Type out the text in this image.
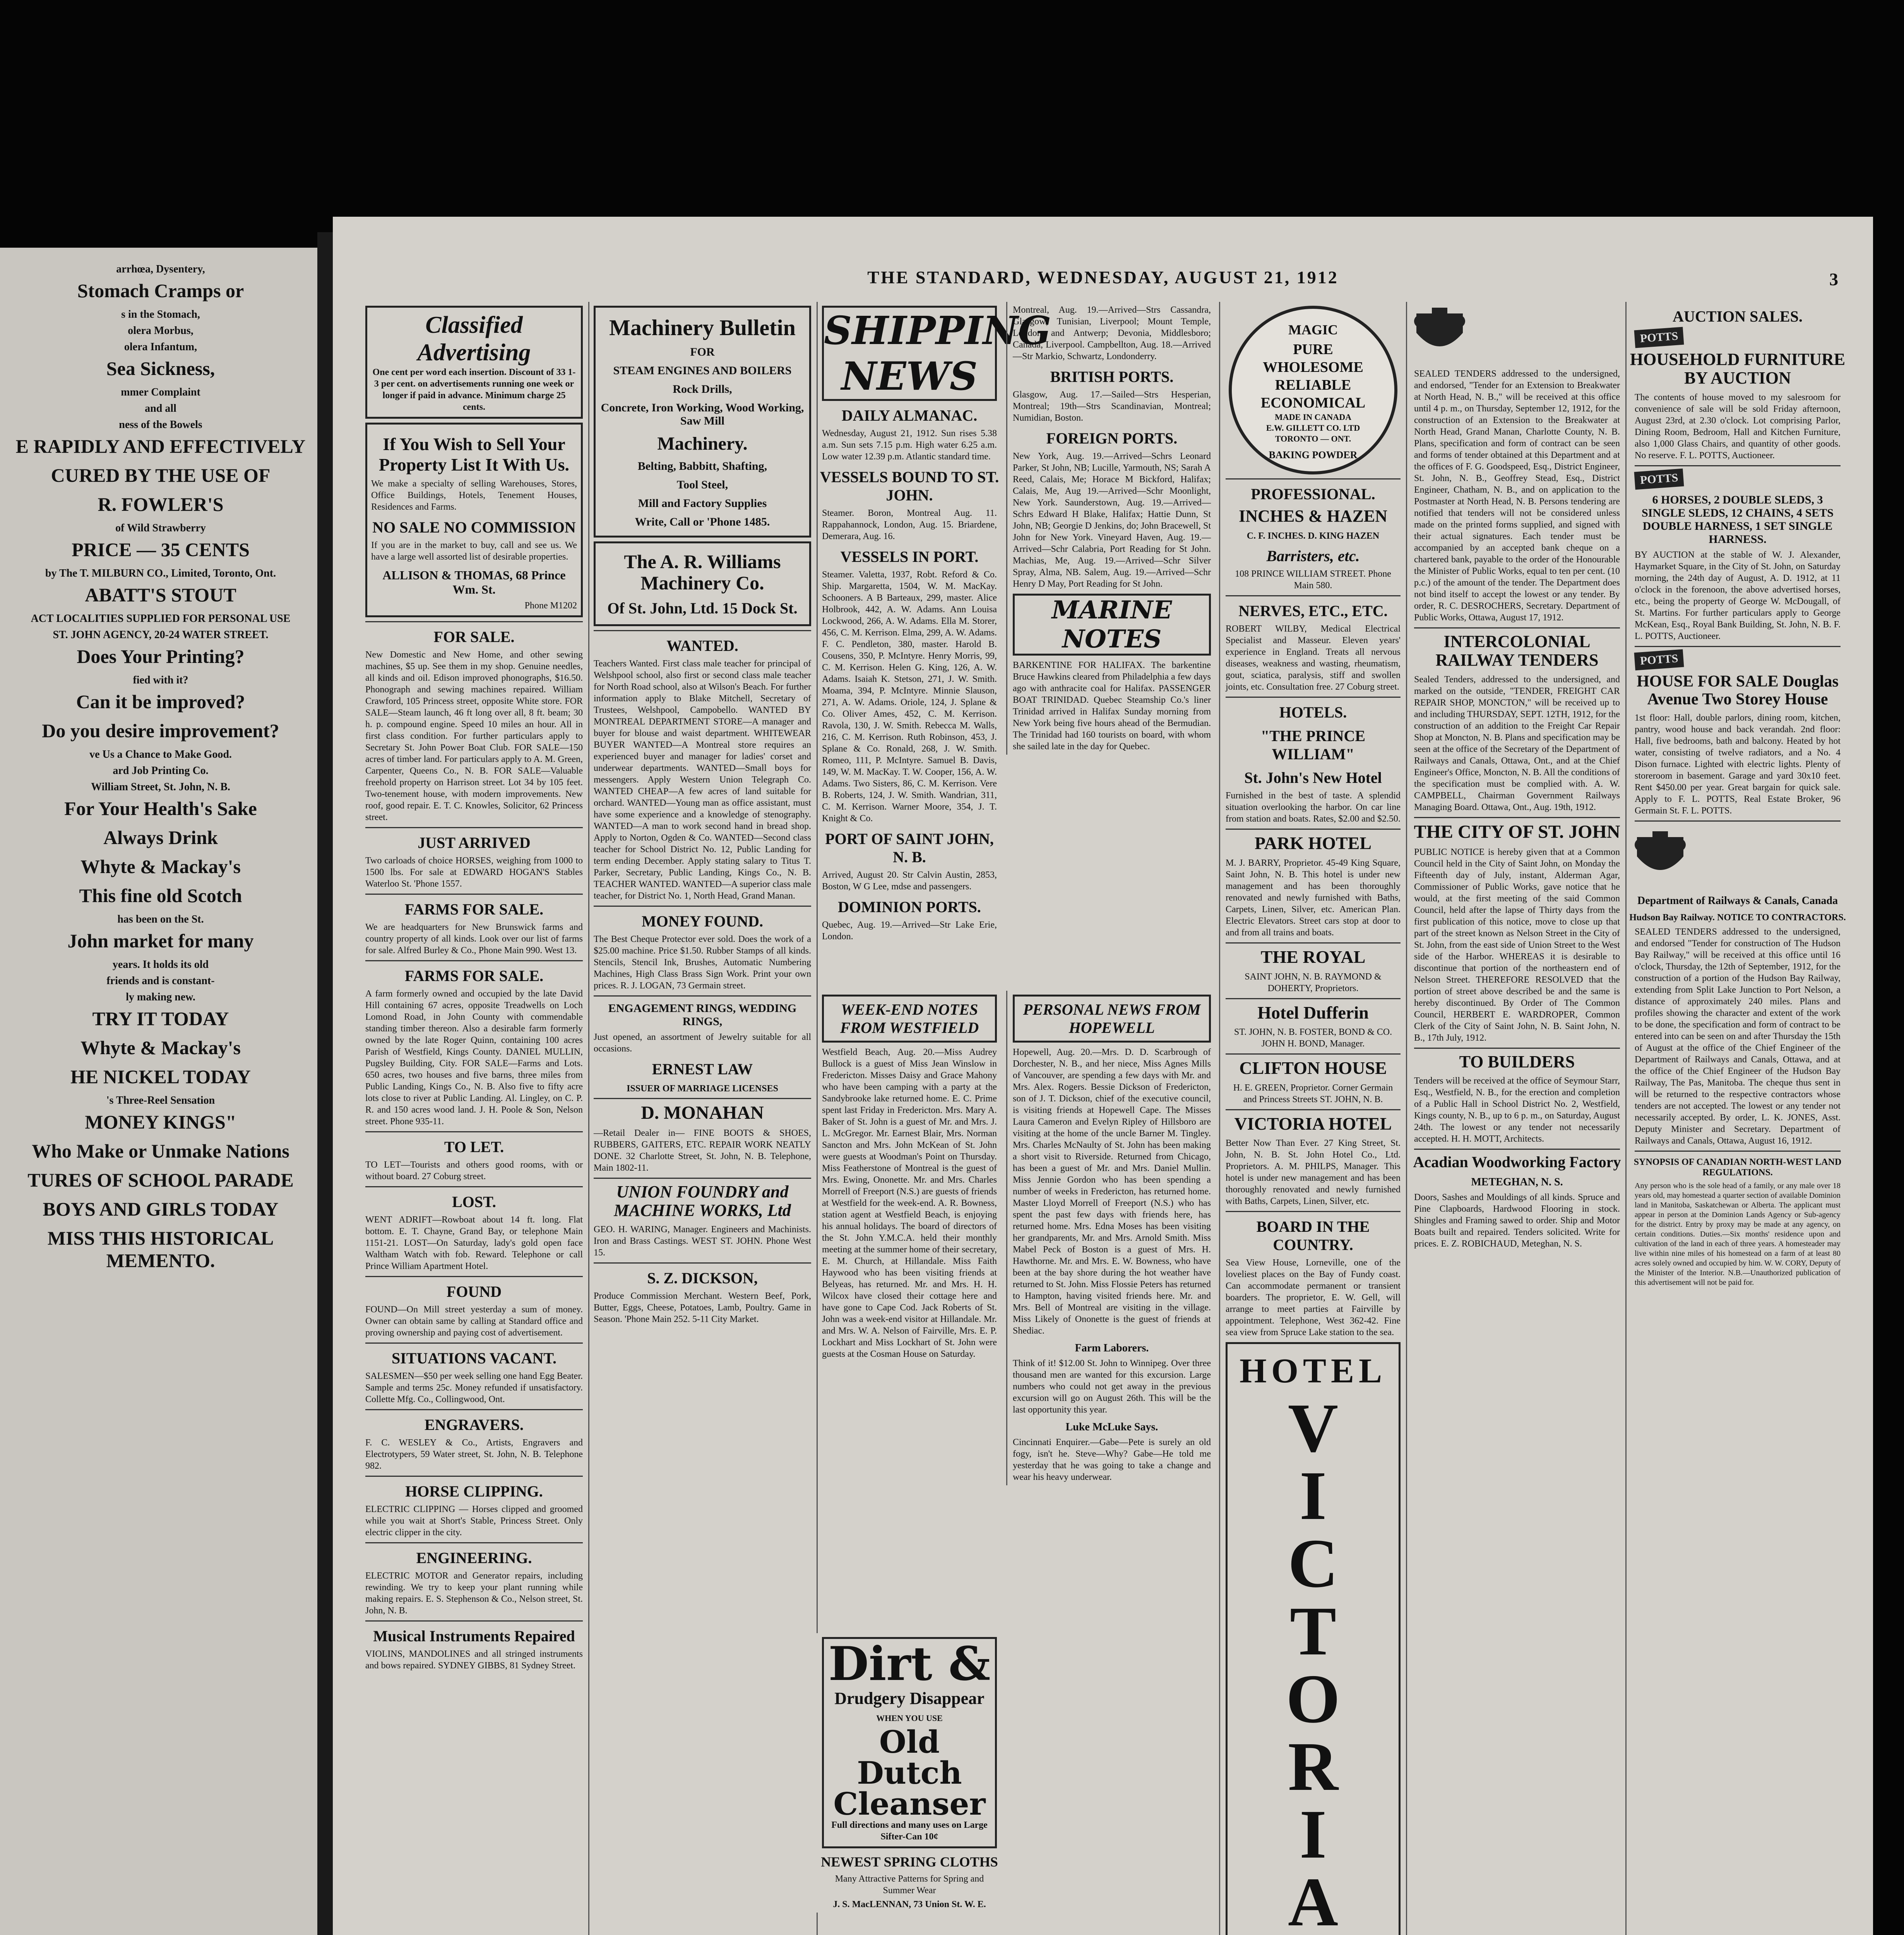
arrhœa, Dysentery,
Stomach Cramps or
s in the Stomach,
olera Morbus,
olera Infantum,
Sea Sickness,
mmer Complaint
and all
ness of the Bowels
E RAPIDLY AND EFFECTIVELY
CURED BY THE USE OF
R. FOWLER'S
of Wild Strawberry
PRICE — 35 CENTS
by The T. MILBURN CO., Limited, Toronto, Ont.
ABATT'S STOUT
ACT LOCALITIES SUPPLIED FOR PERSONAL USE
ST. JOHN AGENCY, 20-24 WATER STREET.
Does Your Printing?
fied with it?
Can it be improved?
Do you desire improvement?
ve Us a Chance to Make Good.
ard Job Printing Co.
William Street, St. John, N. B.
For Your Health's Sake
Always Drink
Whyte & Mackay's
This fine old Scotch
has been on the St.
John market for many
years. It holds its old
friends and is constant-
ly making new.
TRY IT TODAY
Whyte & Mackay's
HE NICKEL TODAY
's Three-Reel Sensation
MONEY KINGS"
Who Make or Unmake Nations
TURES OF SCHOOL PARADE
BOYS AND GIRLS TODAY
MISS THIS HISTORICAL MEMENTO.
THE STANDARD, WEDNESDAY, AUGUST 21, 1912	3
Classified Advertising
One cent per word each insertion. Discount of 33 1-3 per cent. on advertisements running one week or longer if paid in advance. Minimum charge 25 cents.
If You Wish to Sell Your Property List It With Us.
We make a specialty of selling Warehouses, Stores, Office Buildings, Hotels, Tenement Houses, Residences and Farms.
NO SALE NO COMMISSION
If you are in the market to buy, call and see us. We have a large well assorted list of desirable properties.
ALLISON & THOMAS, 68 Prince Wm. St.
Phone M1202
FOR SALE.
New Domestic and New Home, and other sewing machines, $5 up. See them in my shop. Genuine needles, all kinds and oil. Edison improved phonographs, $16.50. Phonograph and sewing machines repaired. William Crawford, 105 Princess street, opposite White store. FOR SALE—Steam launch, 46 ft long over all, 8 ft. beam; 30 h. p. compound engine. Speed 10 miles an hour. All in first class condition. For further particulars apply to Secretary St. John Power Boat Club. FOR SALE—150 acres of timber land. For particulars apply to A. M. Green, Carpenter, Queens Co., N. B. FOR SALE—Valuable freehold property on Harrison street. Lot 34 by 105 feet. Two-tenement house, with modern improvements. New roof, good repair. E. T. C. Knowles, Solicitor, 62 Princess street.
JUST ARRIVED
Two carloads of choice HORSES, weighing from 1000 to 1500 lbs. For sale at EDWARD HOGAN'S Stables Waterloo St. 'Phone 1557.
FARMS FOR SALE.
We are headquarters for New Brunswick farms and country property of all kinds. Look over our list of farms for sale. Alfred Burley & Co., Phone Main 990. West 13.
FARMS FOR SALE.
A farm formerly owned and occupied by the late David Hill containing 67 acres, opposite Treadwells on Loch Lomond Road, in John County with commendable standing timber thereon. Also a desirable farm formerly owned by the late Roger Quinn, containing 100 acres Parish of Westfield, Kings County. DANIEL MULLIN, Pugsley Building, City. FOR SALE—Farms and Lots. 650 acres, two houses and five barns, three miles from Public Landing, Kings Co., N. B. Also five to fifty acre lots close to river at Public Landing. Al. Lingley, on C. P. R. and 150 acres wood land. J. H. Poole & Son, Nelson street. Phone 935-11.
TO LET.
TO LET—Tourists and others good rooms, with or without board. 27 Coburg street.
LOST.
WENT ADRIFT—Rowboat about 14 ft. long. Flat bottom. E. T. Chayne, Grand Bay, or telephone Main 1151-21. LOST—On Saturday, lady's gold open face Waltham Watch with fob. Reward. Telephone or call Prince William Apartment Hotel.
FOUND
FOUND—On Mill street yesterday a sum of money. Owner can obtain same by calling at Standard office and proving ownership and paying cost of advertisement.
SITUATIONS VACANT.
SALESMEN—$50 per week selling one hand Egg Beater. Sample and terms 25c. Money refunded if unsatisfactory. Collette Mfg. Co., Collingwood, Ont.
ENGRAVERS.
F. C. WESLEY & Co., Artists, Engravers and Electrotypers, 59 Water street, St. John, N. B. Telephone 982.
HORSE CLIPPING.
ELECTRIC CLIPPING — Horses clipped and groomed while you wait at Short's Stable, Princess Street. Only electric clipper in the city.
ENGINEERING.
ELECTRIC MOTOR and Generator repairs, including rewinding. We try to keep your plant running while making repairs. E. S. Stephenson & Co., Nelson street, St. John, N. B.
Musical Instruments Repaired
VIOLINS, MANDOLINES and all stringed instruments and bows repaired. SYDNEY GIBBS, 81 Sydney Street.
Machinery Bulletin
FOR
STEAM ENGINES AND BOILERS
Rock Drills,
Concrete, Iron Working, Wood Working, Saw Mill
Machinery.
Belting, Babbitt, Shafting,
Tool Steel,
Mill and Factory Supplies
Write, Call or 'Phone 1485.
The A. R. Williams Machinery Co.
Of St. John, Ltd. 15 Dock St.
WANTED.
Teachers Wanted. First class male teacher for principal of Welshpool school, also first or second class male teacher for North Road school, also at Wilson's Beach. For further information apply to Blake Mitchell, Secretary of Trustees, Welshpool, Campobello. WANTED BY MONTREAL DEPARTMENT STORE—A manager and buyer for blouse and waist department. WHITEWEAR BUYER WANTED—A Montreal store requires an experienced buyer and manager for ladies' corset and underwear departments. WANTED—Small boys for messengers. Apply Western Union Telegraph Co. WANTED CHEAP—A few acres of land suitable for orchard. WANTED—Young man as office assistant, must have some experience and a knowledge of stenography. WANTED—A man to work second hand in bread shop. Apply to Norton, Ogden & Co. WANTED—Second class teacher for School District No. 12, Public Landing for term ending December. Apply stating salary to Titus T. Parker, Secretary, Public Landing, Kings Co., N. B. TEACHER WANTED. WANTED—A superior class male teacher, for District No. 1, North Head, Grand Manan.
MONEY FOUND.
The Best Cheque Protector ever sold. Does the work of a $25.00 machine. Price $1.50. Rubber Stamps of all kinds. Stencils, Stencil Ink, Brushes, Automatic Numbering Machines, High Class Brass Sign Work. Print your own prices. R. J. LOGAN, 73 Germain street.
ENGAGEMENT RINGS, WEDDING RINGS,
Just opened, an assortment of Jewelry suitable for all occasions.
ERNEST LAW
ISSUER OF MARRIAGE LICENSES
D. MONAHAN
—Retail Dealer in— FINE BOOTS & SHOES, RUBBERS, GAITERS, ETC. REPAIR WORK NEATLY DONE. 32 Charlotte Street, St. John, N. B. Telephone, Main 1802-11.
UNION FOUNDRY and MACHINE WORKS, Ltd
GEO. H. WARING, Manager. Engineers and Machinists. Iron and Brass Castings. WEST ST. JOHN. Phone West 15.
S. Z. DICKSON,
Produce Commission Merchant. Western Beef, Pork, Butter, Eggs, Cheese, Potatoes, Lamb, Poultry. Game in Season. 'Phone Main 252. 5-11 City Market.
SHIPPING NEWS
DAILY ALMANAC.
Wednesday, August 21, 1912. Sun rises 5.38 a.m. Sun sets 7.15 p.m. High water 6.25 a.m. Low water 12.39 p.m. Atlantic standard time.
VESSELS BOUND TO ST. JOHN.
Steamer. Boron, Montreal Aug. 11. Rappahannock, London, Aug. 15. Briardene, Demerara, Aug. 16.
VESSELS IN PORT.
Steamer. Valetta, 1937, Robt. Reford & Co. Ship. Margaretta, 1504, W. M. MacKay. Schooners. A B Barteaux, 299, master. Alice Holbrook, 442, A. W. Adams. Ann Louisa Lockwood, 266, A. W. Adams. Ella M. Storer, 456, C. M. Kerrison. Elma, 299, A. W. Adams. F. C. Pendleton, 380, master. Harold B. Cousens, 350, P. McIntyre. Henry Morris, 99, C. M. Kerrison. Helen G. King, 126, A. W. Adams. Isaiah K. Stetson, 271, J. W. Smith. Moama, 394, P. McIntyre. Minnie Slauson, 271, A. W. Adams. Oriole, 124, J. Splane & Co. Oliver Ames, 452, C. M. Kerrison. Ravola, 130, J. W. Smith. Rebecca M. Walls, 216, C. M. Kerrison. Ruth Robinson, 453, J. Splane & Co. Ronald, 268, J. W. Smith. Romeo, 111, P. McIntyre. Samuel B. Davis, 149, W. M. MacKay. T. W. Cooper, 156, A. W. Adams. Two Sisters, 86, C. M. Kerrison. Vere B. Roberts, 124, J. W. Smith. Wandrian, 311, C. M. Kerrison. Warner Moore, 354, J. T. Knight & Co.
PORT OF SAINT JOHN, N. B.
Arrived, August 20. Str Calvin Austin, 2853, Boston, W G Lee, mdse and passengers.
DOMINION PORTS.
Quebec, Aug. 19.—Arrived—Str Lake Erie, London.
Montreal, Aug. 19.—Arrived—Strs Cassandra, Glasgow; Tunisian, Liverpool; Mount Temple, London and Antwerp; Devonia, Middlesboro; Canada, Liverpool. Campbellton, Aug. 18.—Arrived—Str Markio, Schwartz, Londonderry.
BRITISH PORTS.
Glasgow, Aug. 17.—Sailed—Strs Hesperian, Montreal; 19th—Strs Scandinavian, Montreal; Numidian, Boston.
FOREIGN PORTS.
New York, Aug. 19.—Arrived—Schrs Leonard Parker, St John, NB; Lucille, Yarmouth, NS; Sarah A Reed, Calais, Me; Horace M Bickford, Halifax; Calais, Me, Aug 19.—Arrived—Schr Moonlight, New York. Saunderstown, Aug. 19.—Arrived—Schrs Edward H Blake, Halifax; Hattie Dunn, St John, NB; Georgie D Jenkins, do; John Bracewell, St John for New York. Vineyard Haven, Aug. 19.—Arrived—Schr Calabria, Port Reading for St John. Machias, Me, Aug. 19.—Arrived—Schr Silver Spray, Alma, NB. Salem, Aug. 19.—Arrived—Schr Henry D May, Port Reading for St John.
MARINE NOTES
BARKENTINE FOR HALIFAX. The barkentine Bruce Hawkins cleared from Philadelphia a few days ago with anthracite coal for Halifax. PASSENGER BOAT TRINIDAD. Quebec Steamship Co.'s liner Trinidad arrived in Halifax Sunday morning from New York being five hours ahead of the Bermudian. The Trinidad had 160 tourists on board, with whom she sailed late in the day for Quebec.
WEEK-END NOTES FROM WESTFIELD
Westfield Beach, Aug. 20.—Miss Audrey Bullock is a guest of Miss Jean Winslow in Fredericton. Misses Daisy and Grace Mahony who have been camping with a party at the Sandybrooke lake returned home. E. C. Prime spent last Friday in Fredericton. Mrs. Mary A. Baker of St. John is a guest of Mr. and Mrs. J. L. McGregor. Mr. Earnest Blair, Mrs. Norman Sancton and Mrs. John McKean of St. John were guests at Woodman's Point on Thursday. Miss Featherstone of Montreal is the guest of Mrs. Ewing, Ononette. Mr. and Mrs. Charles Morrell of Freeport (N.S.) are guests of friends at Westfield for the week-end. A. R. Bowness, station agent at Westfield Beach, is enjoying his annual holidays. The board of directors of the St. John Y.M.C.A. held their monthly meeting at the summer home of their secretary, E. M. Church, at Hillandale. Miss Faith Haywood who has been visiting friends at Belyeas, has returned. Mr. and Mrs. H. H. Wilcox have closed their cottage here and have gone to Cape Cod. Jack Roberts of St. John was a week-end visitor at Hillandale. Mr. and Mrs. W. A. Nelson of Fairville, Mrs. E. P. Lockhart and Miss Lockhart of St. John were guests at the Cosman House on Saturday.
PERSONAL NEWS FROM HOPEWELL
Hopewell, Aug. 20.—Mrs. D. D. Scarbrough of Dorchester, N. B., and her niece, Miss Agnes Mills of Vancouver, are spending a few days with Mr. and Mrs. Alex. Rogers. Bessie Dickson of Fredericton, son of J. T. Dickson, chief of the executive council, is visiting friends at Hopewell Cape. The Misses Laura Cameron and Evelyn Ripley of Hillsboro are visiting at the home of the uncle Barner M. Tingley. Mrs. Charles McNaulty of St. John has been making a short visit to Riverside. Returned from Chicago, has been a guest of Mr. and Mrs. Daniel Mullin. Miss Jennie Gordon who has been spending a number of weeks in Fredericton, has returned home. Master Lloyd Morrell of Freeport (N.S.) who has spent the past few days with friends here, has returned home. Mrs. Edna Moses has been visiting her grandparents, Mr. and Mrs. Arnold Smith. Miss Mabel Peck of Boston is a guest of Mrs. H. Hawthorne. Mr. and Mrs. E. W. Bowness, who have been at the bay shore during the hot weather have returned to St. John. Miss Flossie Peters has returned to Hampton, having visited friends here. Mr. and Mrs. Bell of Montreal are visiting in the village. Miss Likely of Ononette is the guest of friends at Shediac.
Farm Laborers.
Think of it! $12.00 St. John to Winnipeg. Over three thousand men are wanted for this excursion. Large numbers who could not get away in the previous excursion will go on August 26th. This will be the last opportunity this year.
Luke McLuke Says.
Cincinnati Enquirer.—Gabe—Pete is surely an old fogy, isn't he. Steve—Why? Gabe—He told me yesterday that he was going to take a change and wear his heavy underwear.
Dirt &
Drudgery Disappear
WHEN YOU USE
Old Dutch Cleanser
Full directions and many uses on Large Sifter-Can 10¢
NEWEST SPRING CLOTHS
Many Attractive Patterns for Spring and Summer Wear
J. S. MacLENNAN, 73 Union St. W. E.
MAGIC
PURE
WHOLESOME
RELIABLE
ECONOMICAL
MADE IN CANADA
E.W. GILLETT CO. LTD
TORONTO — ONT.
BAKING POWDER
PROFESSIONAL.
INCHES & HAZEN
C. F. INCHES. D. KING HAZEN
Barristers, etc.
108 PRINCE WILLIAM STREET. Phone Main 580.
NERVES, ETC., ETC.
ROBERT WILBY, Medical Electrical Specialist and Masseur. Eleven years' experience in England. Treats all nervous diseases, weakness and wasting, rheumatism, gout, sciatica, paralysis, stiff and swollen joints, etc. Consultation free. 27 Coburg street.
HOTELS.
"THE PRINCE WILLIAM"
St. John's New Hotel
Furnished in the best of taste. A splendid situation overlooking the harbor. On car line from station and boats. Rates, $2.00 and $2.50.
PARK HOTEL
M. J. BARRY, Proprietor. 45-49 King Square, Saint John, N. B. This hotel is under new management and has been thoroughly renovated and newly furnished with Baths, Carpets, Linen, Silver, etc. American Plan. Electric Elevators. Street cars stop at door to and from all trains and boats.
THE ROYAL
SAINT JOHN, N. B. RAYMOND & DOHERTY, Proprietors.
Hotel Dufferin
ST. JOHN, N. B. FOSTER, BOND & CO. JOHN H. BOND, Manager.
CLIFTON HOUSE
H. E. GREEN, Proprietor. Corner Germain and Princess Streets ST. JOHN, N. B.
VICTORIA HOTEL
Better Now Than Ever. 27 King Street, St. John, N. B. St. John Hotel Co., Ltd. Proprietors. A. M. PHILPS, Manager. This hotel is under new management and has been thoroughly renovated and newly furnished with Baths, Carpets, Linen, Silver, etc.
BOARD IN THE COUNTRY.
Sea View House, Lorneville, one of the loveliest places on the Bay of Fundy coast. Can accommodate permanent or transient boarders. The proprietor, E. W. Gell, will arrange to meet parties at Fairville by appointment. Telephone, West 362-42. Fine sea view from Spruce Lake station to the sea.
HOTEL
V
I
C
T
O
R
I
A
SEALED TENDERS addressed to the undersigned, and endorsed, "Tender for an Extension to Breakwater at North Head, N. B.," will be received at this office until 4 p. m., on Thursday, September 12, 1912, for the construction of an Extension to the Breakwater at North Head, Grand Manan, Charlotte County, N. B. Plans, specification and form of contract can be seen and forms of tender obtained at this Department and at the offices of F. G. Goodspeed, Esq., District Engineer, St. John, N. B., Geoffrey Stead, Esq., District Engineer, Chatham, N. B., and on application to the Postmaster at North Head, N. B. Persons tendering are notified that tenders will not be considered unless made on the printed forms supplied, and signed with their actual signatures. Each tender must be accompanied by an accepted bank cheque on a chartered bank, payable to the order of the Honourable the Minister of Public Works, equal to ten per cent. (10 p.c.) of the amount of the tender. The Department does not bind itself to accept the lowest or any tender. By order, R. C. DESROCHERS, Secretary. Department of Public Works, Ottawa, August 17, 1912.
INTERCOLONIAL RAILWAY TENDERS
Sealed Tenders, addressed to the undersigned, and marked on the outside, "TENDER, FREIGHT CAR REPAIR SHOP, MONCTON," will be received up to and including THURSDAY, SEPT. 12TH, 1912, for the construction of an addition to the Freight Car Repair Shop at Moncton, N. B. Plans and specification may be seen at the office of the Secretary of the Department of Railways and Canals, Ottawa, Ont., and at the Chief Engineer's Office, Moncton, N. B. All the conditions of the specification must be complied with. A. W. CAMPBELL, Chairman Government Railways Managing Board. Ottawa, Ont., Aug. 19th, 1912.
THE CITY OF ST. JOHN
PUBLIC NOTICE is hereby given that at a Common Council held in the City of Saint John, on Monday the Fifteenth day of July, instant, Alderman Agar, Commissioner of Public Works, gave notice that he would, at the first meeting of the said Common Council, held after the lapse of Thirty days from the first publication of this notice, move to close up that part of the street known as Nelson Street in the City of St. John, from the east side of Union Street to the West side of the Harbor. WHEREAS it is desirable to discontinue that portion of the northeastern end of Nelson Street. THEREFORE RESOLVED that the portion of street above described be and the same is hereby discontinued. By Order of The Common Council, HERBERT E. WARDROPER, Common Clerk of the City of Saint John, N. B. Saint John, N. B., 17th July, 1912.
TO BUILDERS
Tenders will be received at the office of Seymour Starr, Esq., Westfield, N. B., for the erection and completion of a Public Hall in School District No. 2, Westfield, Kings county, N. B., up to 6 p. m., on Saturday, August 24th. The lowest or any tender not necessarily accepted. H. H. MOTT, Architects.
Acadian Woodworking Factory
METEGHAN, N. S.
Doors, Sashes and Mouldings of all kinds. Spruce and Pine Clapboards, Hardwood Flooring in stock. Shingles and Framing sawed to order. Ship and Motor Boats built and repaired. Tenders solicited. Write for prices. E. Z. ROBICHAUD, Meteghan, N. S.
AUCTION SALES.
POTTS
HOUSEHOLD FURNITURE BY AUCTION
The contents of house moved to my salesroom for convenience of sale will be sold Friday afternoon, August 23rd, at 2.30 o'clock. Lot comprising Parlor, Dining Room, Bedroom, Hall and Kitchen Furniture, also 1,000 Glass Chairs, and quantity of other goods. No reserve. F. L. POTTS, Auctioneer.
POTTS
6 HORSES, 2 DOUBLE SLEDS, 3 SINGLE SLEDS, 12 CHAINS, 4 SETS DOUBLE HARNESS, 1 SET SINGLE HARNESS.
BY AUCTION at the stable of W. J. Alexander, Haymarket Square, in the City of St. John, on Saturday morning, the 24th day of August, A. D. 1912, at 11 o'clock in the forenoon, the above advertised horses, etc., being the property of George W. McDougall, of St. Martins. For further particulars apply to George McKean, Esq., Royal Bank Building, St. John, N. B. F. L. POTTS, Auctioneer.
POTTS
HOUSE FOR SALE Douglas Avenue Two Storey House
1st floor: Hall, double parlors, dining room, kitchen, pantry, wood house and back verandah. 2nd floor: Hall, five bedrooms, bath and balcony. Heated by hot water, consisting of twelve radiators, and a No. 4 Dison furnace. Lighted with electric lights. Plenty of storeroom in basement. Garage and yard 30x10 feet. Rent $450.00 per year. Great bargain for quick sale. Apply to F. L. POTTS, Real Estate Broker, 96 Germain St. F. L. POTTS.
Department of Railways & Canals, Canada
Hudson Bay Railway. NOTICE TO CONTRACTORS.
SEALED TENDERS addressed to the undersigned, and endorsed "Tender for construction of The Hudson Bay Railway," will be received at this office until 16 o'clock, Thursday, the 12th of September, 1912, for the construction of a portion of the Hudson Bay Railway, extending from Split Lake Junction to Port Nelson, a distance of approximately 240 miles. Plans and profiles showing the character and extent of the work to be done, the specification and form of contract to be entered into can be seen on and after Thursday the 15th of August at the office of the Chief Engineer of the Department of Railways and Canals, Ottawa, and at the office of the Chief Engineer of the Hudson Bay Railway, The Pas, Manitoba. The cheque thus sent in will be returned to the respective contractors whose tenders are not accepted. The lowest or any tender not necessarily accepted. By order, L. K. JONES, Asst. Deputy Minister and Secretary. Department of Railways and Canals, Ottawa, August 16, 1912.
SYNOPSIS OF CANADIAN NORTH-WEST LAND REGULATIONS.
Any person who is the sole head of a family, or any male over 18 years old, may homestead a quarter section of available Dominion land in Manitoba, Saskatchewan or Alberta. The applicant must appear in person at the Dominion Lands Agency or Sub-agency for the district. Entry by proxy may be made at any agency, on certain conditions. Duties.—Six months' residence upon and cultivation of the land in each of three years. A homesteader may live within nine miles of his homestead on a farm of at least 80 acres solely owned and occupied by him. W. W. CORY, Deputy of the Minister of the Interior. N.B.—Unauthorized publication of this advertisement will not be paid for.
